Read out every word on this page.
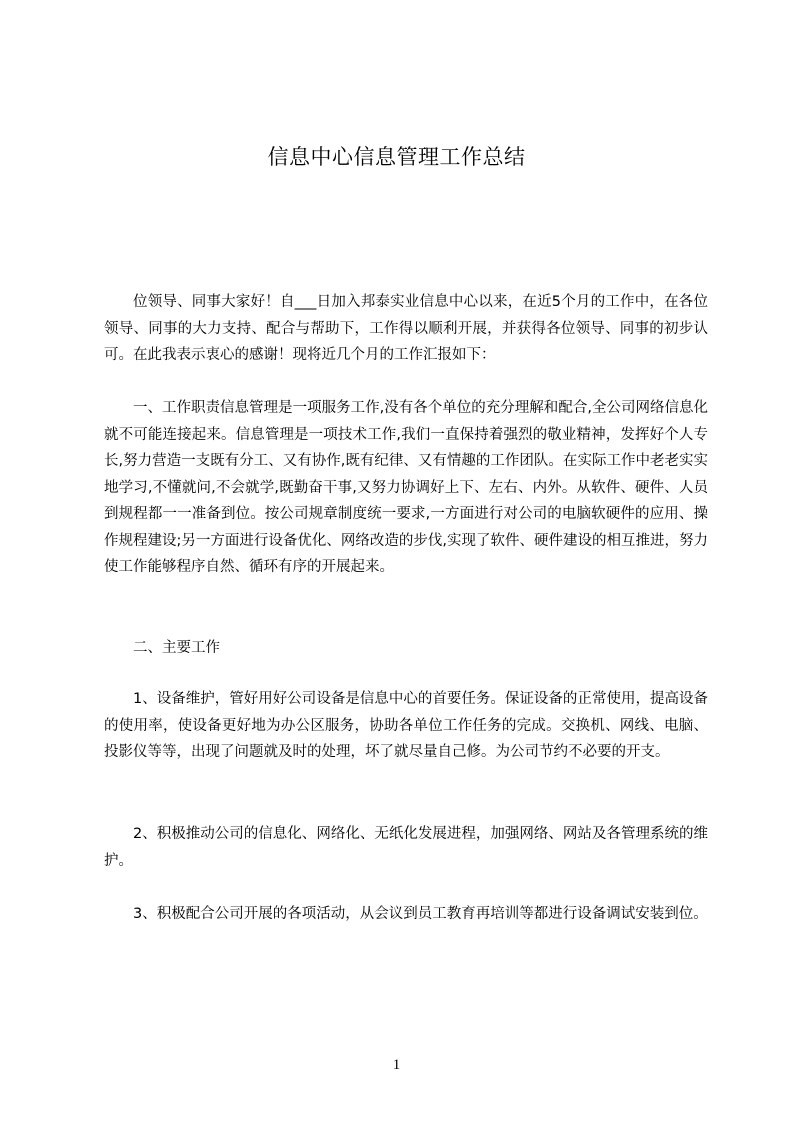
信息中心信息管理工作总结

位领导、同事大家好！自___日加入邦泰实业信息中心以来，在近5个月的工作中，在各位领导、同事的大力支持、配合与帮助下，工作得以顺利开展，并获得各位领导、同事的初步认可。在此我表示衷心的感谢！现将近几个月的工作汇报如下：

一、工作职责信息管理是一项服务工作,没有各个单位的充分理解和配合,全公司网络信息化就不可能连接起来。信息管理是一项技术工作,我们一直保持着强烈的敬业精神，发挥好个人专长,努力营造一支既有分工、又有协作,既有纪律、又有情趣的工作团队。在实际工作中老老实实地学习,不懂就问,不会就学,既勤奋干事,又努力协调好上下、左右、内外。从软件、硬件、人员到规程都一一准备到位。按公司规章制度统一要求,一方面进行对公司的电脑软硬件的应用、操作规程建设;另一方面进行设备优化、网络改造的步伐,实现了软件、硬件建设的相互推进，努力使工作能够程序自然、循环有序的开展起来。

二、主要工作

1、设备维护，管好用好公司设备是信息中心的首要任务。保证设备的正常使用，提高设备的使用率，使设备更好地为办公区服务，协助各单位工作任务的完成。交换机、网线、电脑、投影仪等等，出现了问题就及时的处理，坏了就尽量自己修。为公司节约不必要的开支。

2、积极推动公司的信息化、网络化、无纸化发展进程，加强网络、网站及各管理系统的维护。

3、积极配合公司开展的各项活动，从会议到员工教育再培训等都进行设备调试安装到位。

1
